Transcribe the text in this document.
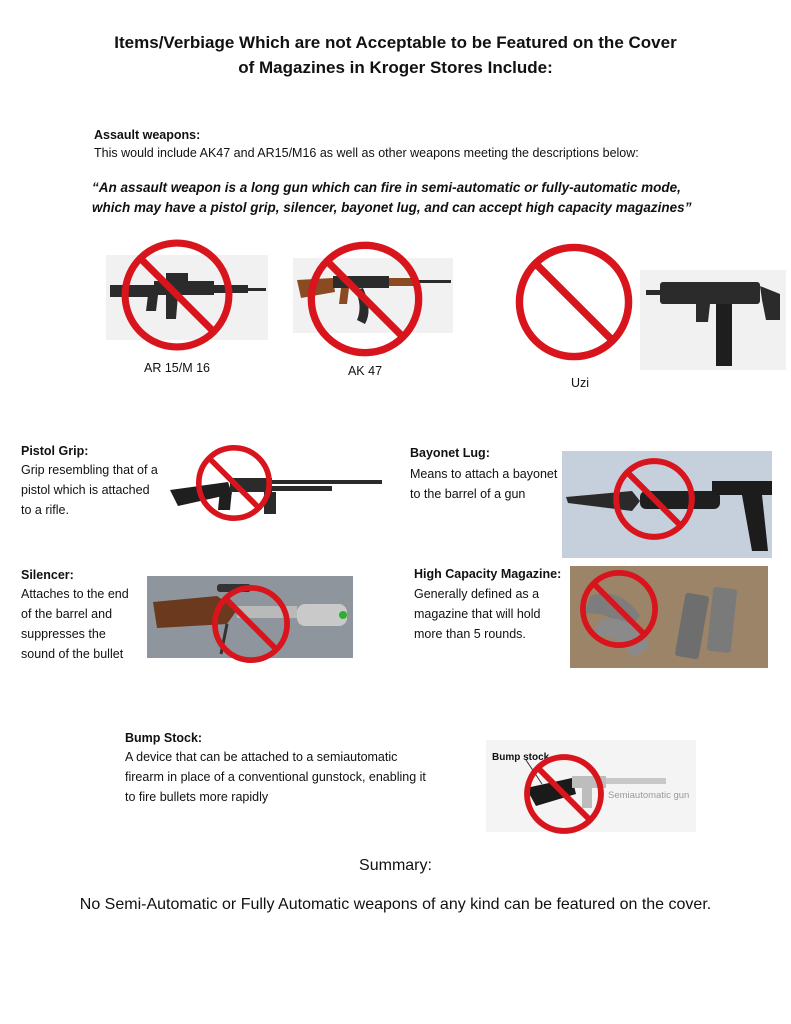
Items/Verbiage Which are not Acceptable to be Featured on the Cover
of Magazines in Kroger Stores Include:
Assault weapons:
This would include AK47 and AR15/M16 as well as other weapons meeting the descriptions below:
“An assault weapon is a long gun which can fire in semi-automatic or fully-automatic mode,
which may have a pistol grip, silencer, bayonet lug, and can accept high capacity magazines”
AR 15/M 16	AK 47
Uzi
Pistol Grip:
Grip resembling that of a
pistol which is attached
to a rifle.
Bayonet Lug:
Means to attach a bayonet
to the barrel of a gun
Silencer:
Attaches to the end
of the barrel and
suppresses the
sound of the bullet
High Capacity Magazine:
Generally defined as a
magazine that will hold
more than 5 rounds.
Bump Stock:
A device that can be attached to a semiautomatic
firearm in place of a conventional gunstock, enabling it
to fire bullets more rapidly
Bump stock
Semiautomatic gun
Summary:
No Semi-Automatic or Fully Automatic weapons of any kind can be featured on the cover.
